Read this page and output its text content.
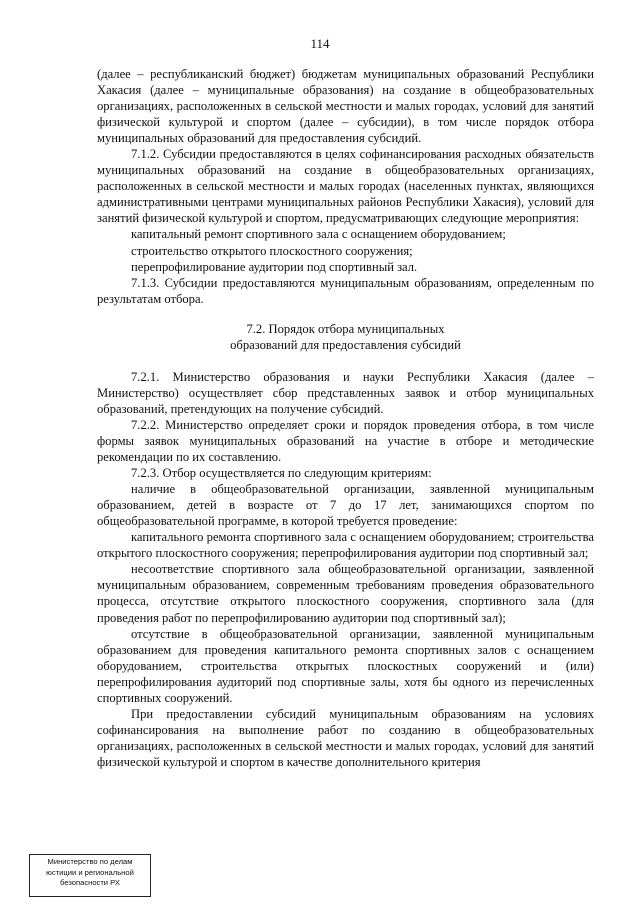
114

(далее – республиканский бюджет) бюджетам муниципальных образований Республики Хакасия (далее – муниципальные образования) на создание в общеобразовательных организациях, расположенных в сельской местности и малых городах, условий для занятий физической культурой и спортом (далее – субсидии), в том числе порядок отбора муниципальных образований для предоставления субсидий.

7.1.2. Субсидии предоставляются в целях софинансирования расходных обязательств муниципальных образований на создание в общеобразовательных организациях, расположенных в сельской местности и малых городах (населенных пунктах, являющихся административными центрами муниципальных районов Республики Хакасия), условий для занятий физической культурой и спортом, предусматривающих следующие мероприятия:

капитальный ремонт спортивного зала с оснащением оборудованием;

строительство открытого плоскостного сооружения;

перепрофилирование аудитории под спортивный зал.

7.1.3. Субсидии предоставляются муниципальным образованиям, определенным по результатам отбора.

7.2. Порядок отбора муниципальных

образований для предоставления субсидий

7.2.1. Министерство образования и науки Республики Хакасия (далее – Министерство) осуществляет сбор представленных заявок и отбор муниципальных образований, претендующих на получение субсидий.

7.2.2. Министерство определяет сроки и порядок проведения отбора, в том числе формы заявок муниципальных образований на участие в отборе и методические рекомендации по их составлению.

7.2.3. Отбор осуществляется по следующим критериям:

наличие в общеобразовательной организации, заявленной муниципальным образованием, детей в возрасте от 7 до 17 лет, занимающихся спортом по общеобразовательной программе, в которой требуется проведение:

капитального ремонта спортивного зала с оснащением оборудованием; строительства открытого плоскостного сооружения; перепрофилирования аудитории под спортивный зал;

несоответствие спортивного зала общеобразовательной организации, заявленной муниципальным образованием, современным требованиям проведения образовательного процесса, отсутствие открытого плоскостного сооружения, спортивного зала (для проведения работ по перепрофилированию аудитории под спортивный зал);

отсутствие в общеобразовательной организации, заявленной муниципальным образованием для проведения капитального ремонта спортивных залов с оснащением оборудованием, строительства открытых плоскостных сооружений и (или) перепрофилирования аудиторий под спортивные залы, хотя бы одного из перечисленных спортивных сооружений.

При предоставлении субсидий муниципальным образованиям на условиях софинансирования на выполнение работ по созданию в общеобразовательных организациях, расположенных в сельской местности и малых городах, условий для занятий физической культурой и спортом в качестве дополнительного критерия

Министерство по делам
юстиции и региональной
безопасности РХ
